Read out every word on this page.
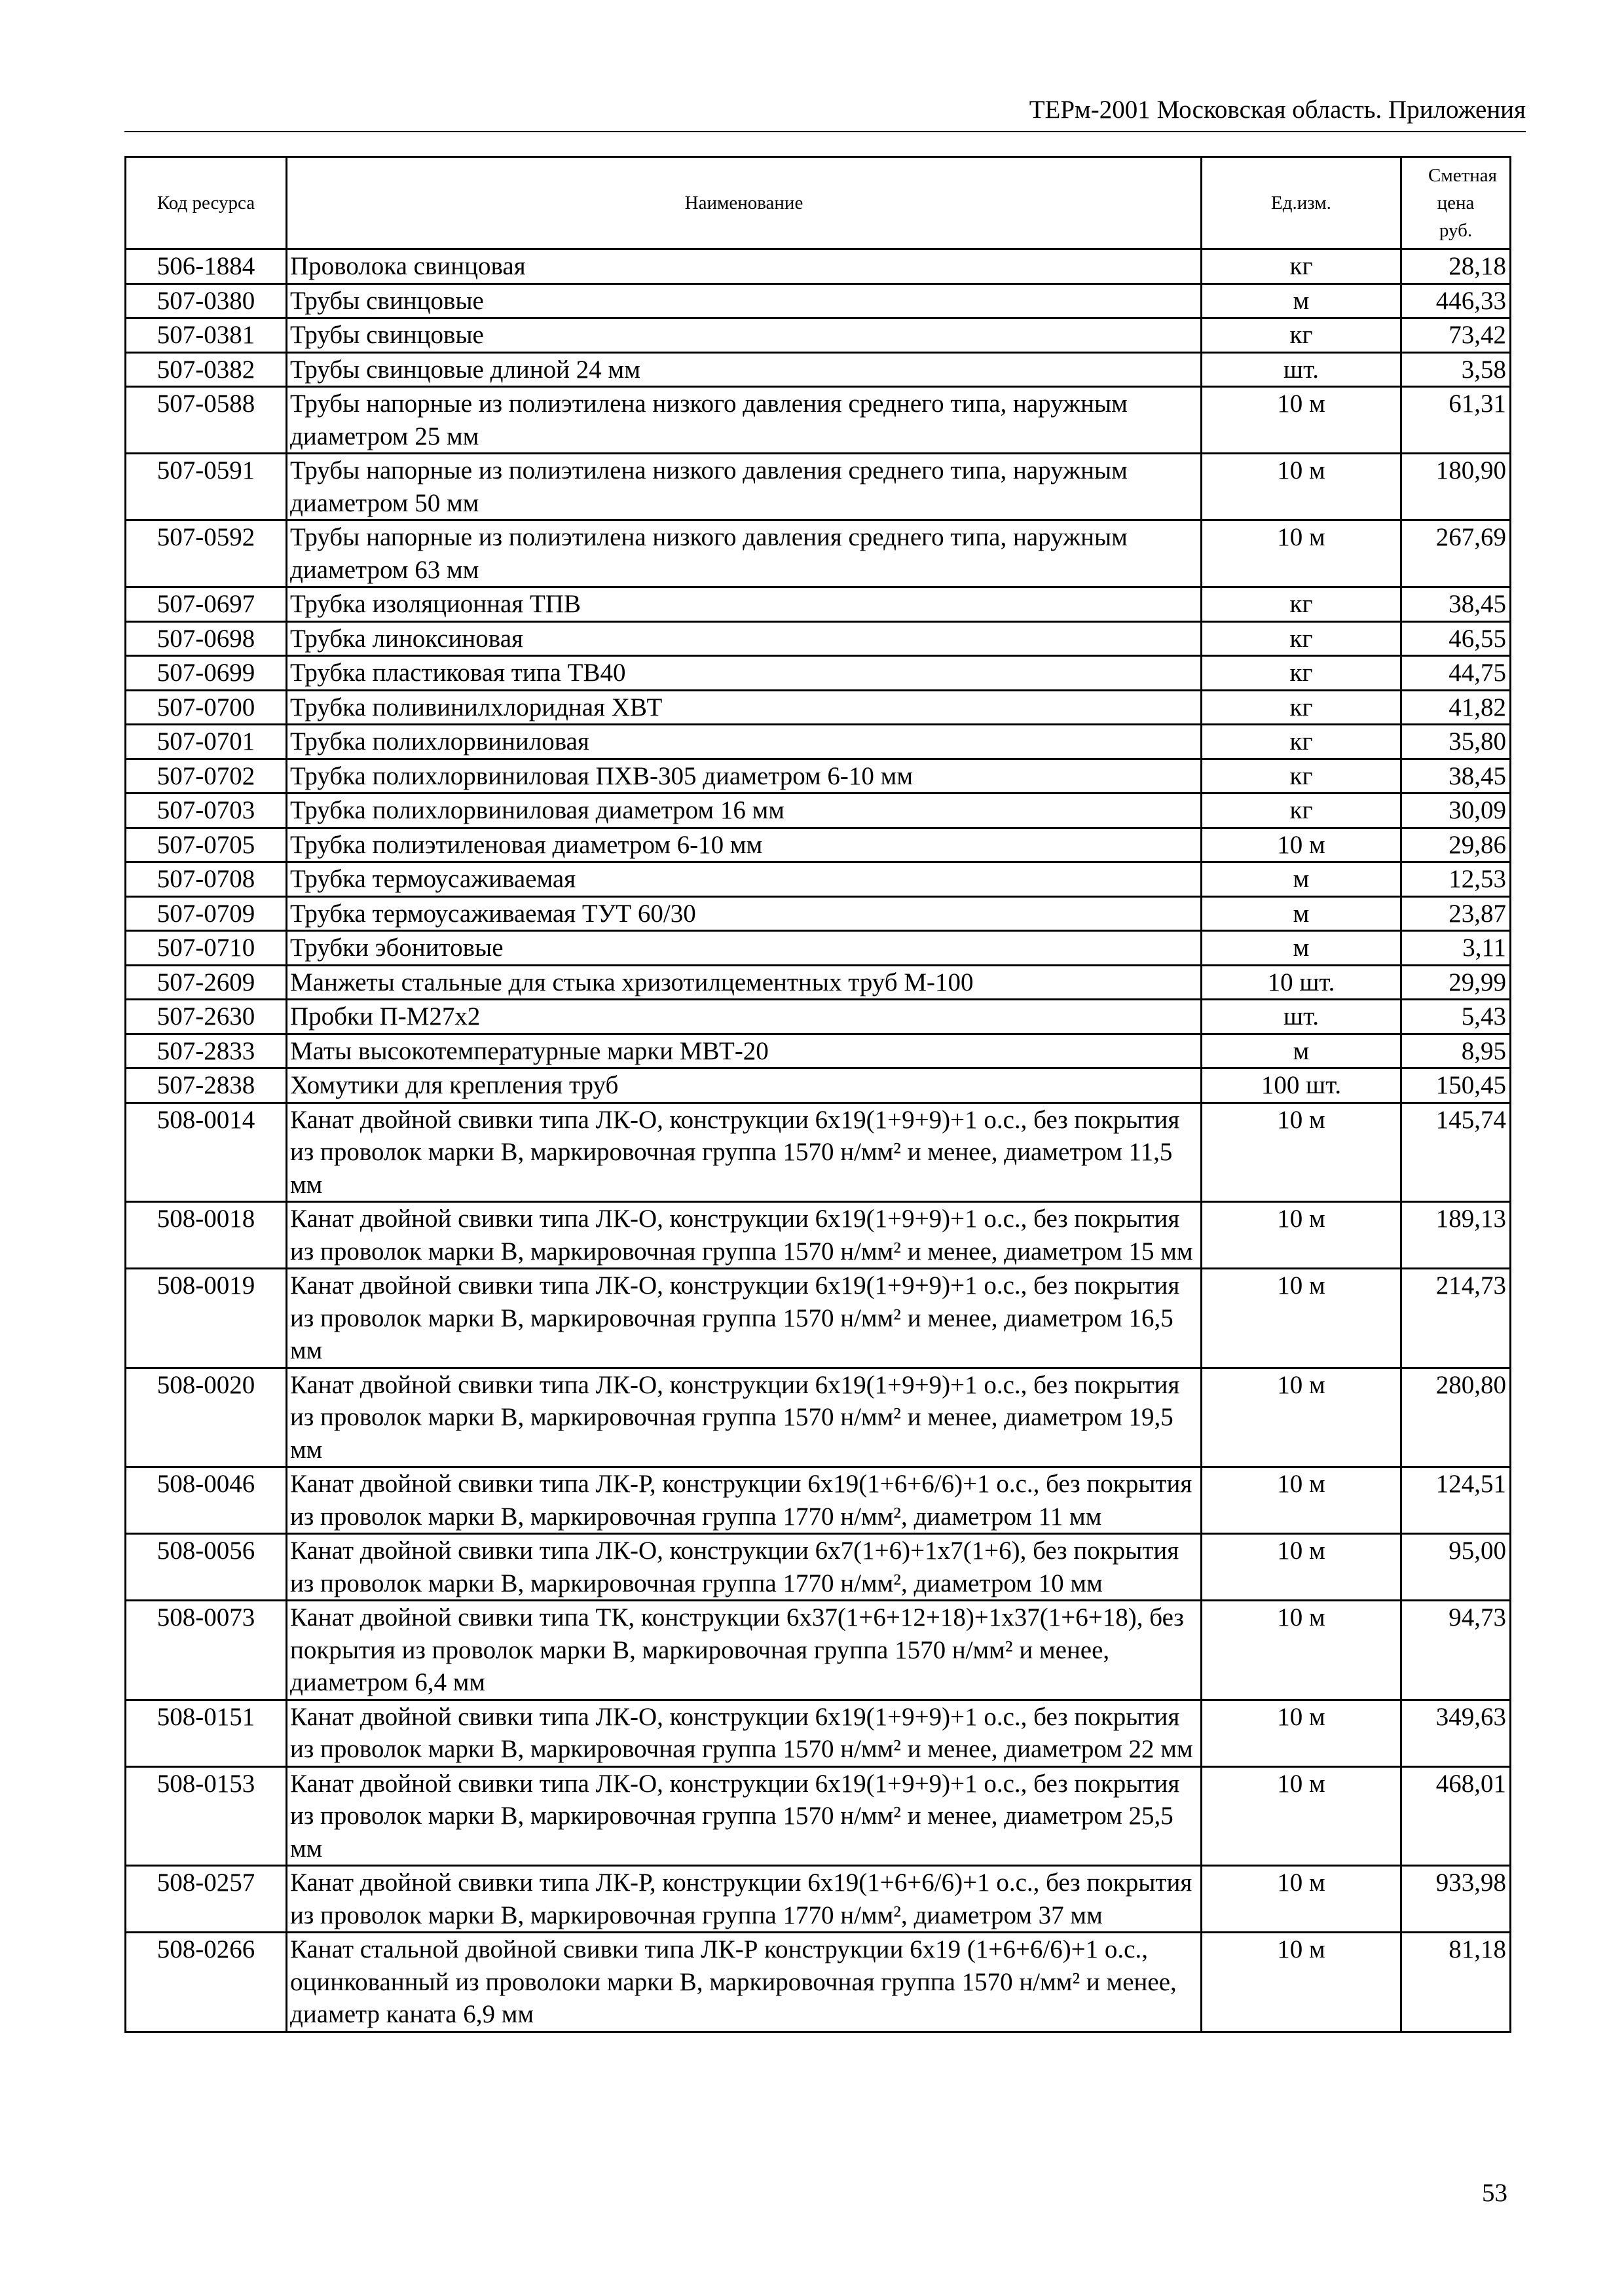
ТЕРм-2001 Московская область. Приложения
Код ресурса	Наименование	Ед.изм.	Сметная цена руб.

506-1884	Проволока свинцовая	кг	28,18
507-0380	Трубы свинцовые	м	446,33
507-0381	Трубы свинцовые	кг	73,42
507-0382	Трубы свинцовые длиной 24 мм	шт.	3,58
507-0588	Трубы напорные из полиэтилена низкого давления среднего типа, наружным диаметром 25 мм	10 м	61,31
507-0591	Трубы напорные из полиэтилена низкого давления среднего типа, наружным диаметром 50 мм	10 м	180,90
507-0592	Трубы напорные из полиэтилена низкого давления среднего типа, наружным диаметром 63 мм	10 м	267,69
507-0697	Трубка изоляционная ТПВ	кг	38,45
507-0698	Трубка линоксиновая	кг	46,55
507-0699	Трубка пластиковая типа ТВ40	кг	44,75
507-0700	Трубка поливинилхлоридная ХВТ	кг	41,82
507-0701	Трубка полихлорвиниловая	кг	35,80
507-0702	Трубка полихлорвиниловая ПХВ-305 диаметром 6-10 мм	кг	38,45
507-0703	Трубка полихлорвиниловая диаметром 16 мм	кг	30,09
507-0705	Трубка полиэтиленовая диаметром 6-10 мм	10 м	29,86
507-0708	Трубка термоусаживаемая	м	12,53
507-0709	Трубка термоусаживаемая ТУТ 60/30	м	23,87
507-0710	Трубки эбонитовые	м	3,11
507-2609	Манжеты стальные для стыка хризотилцементных труб М-100	10 шт.	29,99
507-2630	Пробки П-М27х2	шт.	5,43
507-2833	Маты высокотемпературные марки МВТ-20	м	8,95
507-2838	Хомутики для крепления труб	100 шт.	150,45
508-0014	Канат двойной свивки типа ЛК-О, конструкции 6х19(1+9+9)+1 о.с., без покрытия из проволок марки В, маркировочная группа 1570 н/мм² и менее, диаметром 11,5 мм	10 м	145,74
508-0018	Канат двойной свивки типа ЛК-О, конструкции 6х19(1+9+9)+1 о.с., без покрытия из проволок марки В, маркировочная группа 1570 н/мм² и менее, диаметром 15 мм	10 м	189,13
508-0019	Канат двойной свивки типа ЛК-О, конструкции 6х19(1+9+9)+1 о.с., без покрытия из проволок марки В, маркировочная группа 1570 н/мм² и менее, диаметром 16,5 мм	10 м	214,73
508-0020	Канат двойной свивки типа ЛК-О, конструкции 6х19(1+9+9)+1 о.с., без покрытия из проволок марки В, маркировочная группа 1570 н/мм² и менее, диаметром 19,5 мм	10 м	280,80
508-0046	Канат двойной свивки типа ЛК-Р, конструкции 6х19(1+6+6/6)+1 о.с., без покрытия из проволок марки В, маркировочная группа 1770 н/мм², диаметром 11 мм	10 м	124,51
508-0056	Канат двойной свивки типа ЛК-О, конструкции 6х7(1+6)+1х7(1+6), без покрытия из проволок марки В, маркировочная группа 1770 н/мм², диаметром 10 мм	10 м	95,00
508-0073	Канат двойной свивки типа ТК, конструкции 6х37(1+6+12+18)+1х37(1+6+18), без покрытия из проволок марки В, маркировочная группа 1570 н/мм² и менее, диаметром 6,4 мм	10 м	94,73
508-0151	Канат двойной свивки типа ЛК-О, конструкции 6х19(1+9+9)+1 о.с., без покрытия из проволок марки В, маркировочная группа 1570 н/мм² и менее, диаметром 22 мм	10 м	349,63
508-0153	Канат двойной свивки типа ЛК-О, конструкции 6х19(1+9+9)+1 о.с., без покрытия из проволок марки В, маркировочная группа 1570 н/мм² и менее, диаметром 25,5 мм	10 м	468,01
508-0257	Канат двойной свивки типа ЛК-Р, конструкции 6х19(1+6+6/6)+1 о.с., без покрытия из проволок марки В, маркировочная группа 1770 н/мм², диаметром 37 мм	10 м	933,98
508-0266	Канат стальной двойной свивки типа ЛК-Р конструкции 6х19 (1+6+6/6)+1 о.с., оцинкованный из проволоки марки В, маркировочная группа 1570 н/мм² и менее, диаметр каната 6,9 мм	10 м	81,18
53
